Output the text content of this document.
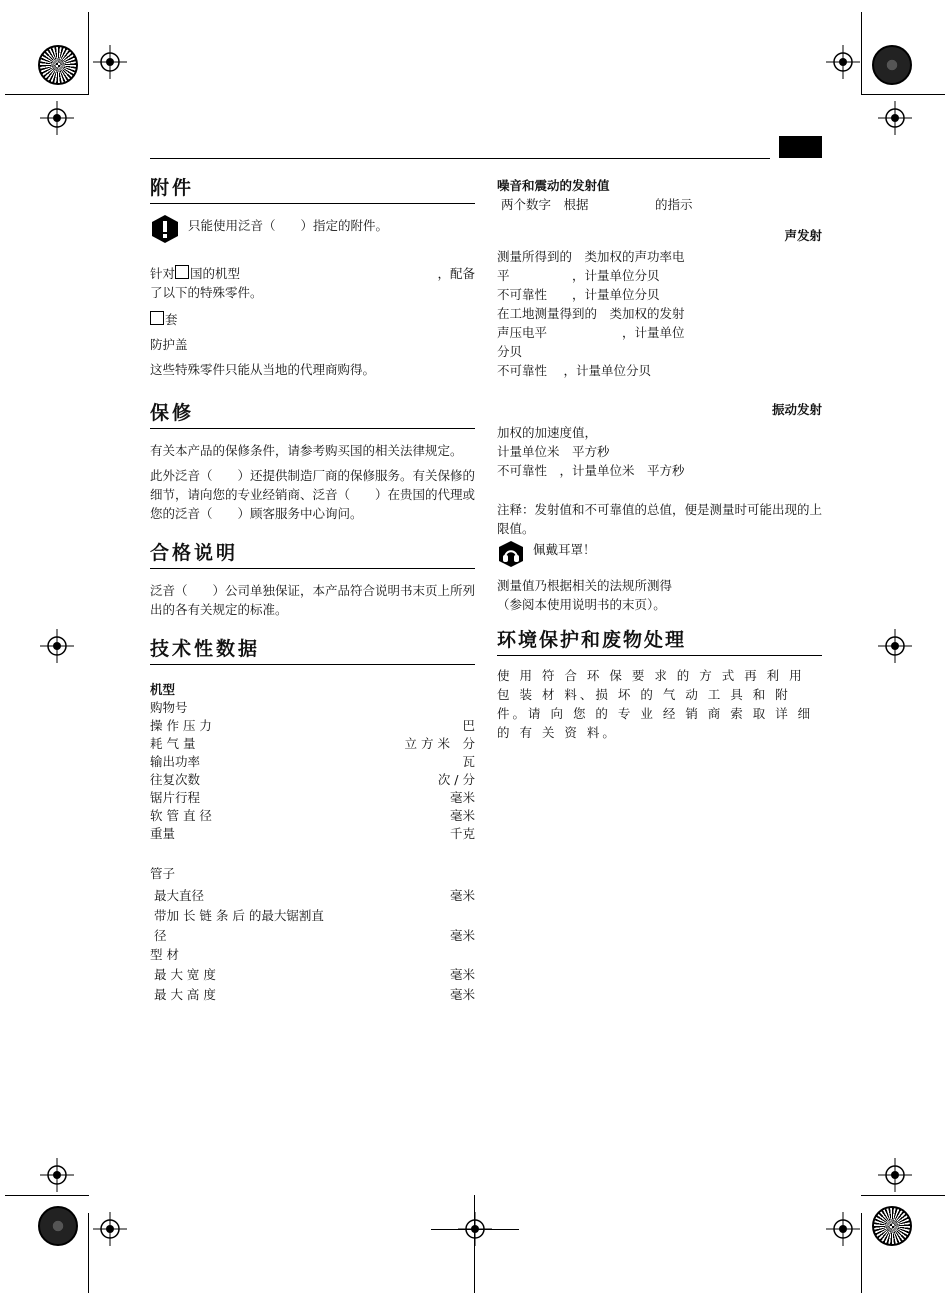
附件

只能使用泛音（　　）指定的附件。

针对 国的机型	，配备

了以下的特殊零件。

套

防护盖

这些特殊零件只能从当地的代理商购得。

保修

有关本产品的保修条件，请参考购买国的相关法律规定。

此外泛音（　　）还提供制造厂商的保修服务。有关保修的细节，请向您的专业经销商、泛音（　　）在贵国的代理或您的泛音（　　）顾客服务中心询问。

合格说明

泛音（　　）公司单独保证，本产品符合说明书末页上所列出的各有关规定的标准。

技术性数据

机型

购物号
操 作 压 力	巴
耗 气 量	立 方 米　分
输出功率	瓦
往复次数	次 / 分
锯片行程	毫米
软 管 直 径	毫米
重量	千克

管子

最大直径	毫米

带加 长 链 条 后 的最大锯割直

径	毫米

型 材

最 大 宽 度	毫米
最 大 高 度	毫米

噪音和震动的发射值

两个数字　根据　　　　　 的指示

声发射

测量所得到的　类加权的声功率电

平　　　　　，计量单位分贝

不可靠性　　，计量单位分贝

在工地测量得到的　类加权的发射

声压电平　　　　　　，计量单位

分贝

不可靠性　 ，计量单位分贝

振动发射

加权的加速度值，

计量单位米　平方秒

不可靠性　，计量单位米　平方秒

注释：发射值和不可靠值的总值，便是测量时可能出现的上限值。

佩戴耳罩！

测量值乃根据相关的法规所测得

（参阅本使用说明书的末页）。

环境保护和废物处理

使 用 符 合 环 保 要 求 的 方 式 再 利 用 包 装 材 料、损 坏 的 气 动 工 具 和 附 件。请 向 您 的 专 业 经 销 商 索 取 详 细 的 有 关 资 料。
